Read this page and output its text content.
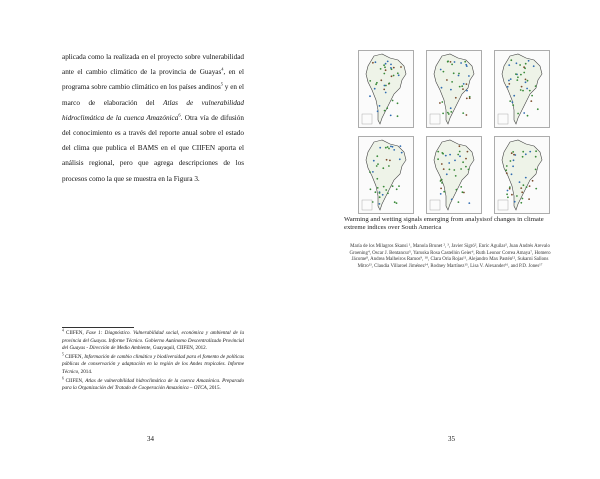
aplicada como la realizada en el proyecto sobre vulnerabilidad ante el cambio climático de la provincia de Guayas$^4$, en el programa sobre cambio climático en los países andinos$^5$ y en el marco de elaboración del Atlas de vulnerabilidad hidroclimática de la cuenca Amazónica$^6$. Otra vía de difusión del conocimiento es a través del reporte anual sobre el estado del clima que publica el BAMS en el que CIIFEN aporta el análisis regional, pero que agrega descripciones de los procesos como la que se muestra en la Figura 3.

$^4$ CIIFEN, Fase 1: Diagnóstico. Vulnerabilidad social, económica y ambiental de la provincia del Guayas. Informe Técnico. Gobierno Autónomo Descentralizado Provincial del Guayas - Dirección de Medio Ambiente, Guayaquil, CIIFEN, 2012.

$^5$ CIIFEN, Información de cambio climático y biodiversidad para el fomento de políticas públicas de conservación y adaptación en la región de los Andes tropicales. Informe Técnico, 2014.

$^6$ CIIFEN, Atlas de vulnerabilidad hidroclimática de la cuenca Amazónica. Preparado para la Organización del Tratado de Cooperación Amazónica – OTCA, 2015.

34
Warming and wetting signals emerging from analysisof changes in climate extreme indices over South America
María de los Milagros Skansi ¹, Manola Brunet ², ³, Javier Sigró², Enric Aguilar², Juan Andrés Arevalo Groening⁴, Oscar J. Bentancur⁵, Yaruska Rosa Castellón Geier⁶, Ruth Leonor Correa Amaya⁷, Homero Jácome⁸, Andrea Malheiros Ramos⁹, ¹⁰, Clara Oria Rojas¹¹, Alejandro Max Pastén¹², Sukarni Sallons Mitro¹³, Claudia Villaroel Jiménez¹⁴, Rodney Martínez¹⁵, Lisa V. Alexander¹⁶, and P.D. Jones¹⁷
35
